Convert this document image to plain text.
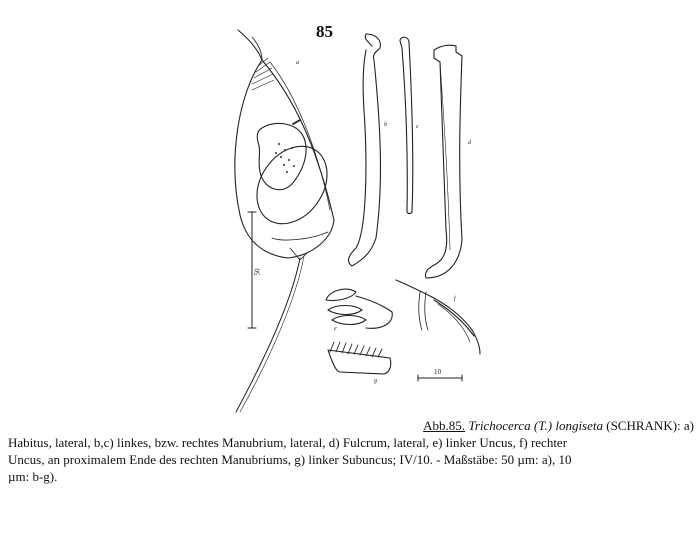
85
a
b	c
d
e
f
g
50
10
Abb.85. Trichocerca (T.) longiseta (SCHRANK): a)
Habitus, lateral, b,c) linkes, bzw. rechtes Manubrium, lateral, d) Fulcrum, lateral, e) linker Uncus, f) rechter
Uncus, an proximalem Ende des rechten Manubriums, g) linker Subuncus; IV/10. - Maßstäbe: 50 µm: a), 10
µm: b-g).
